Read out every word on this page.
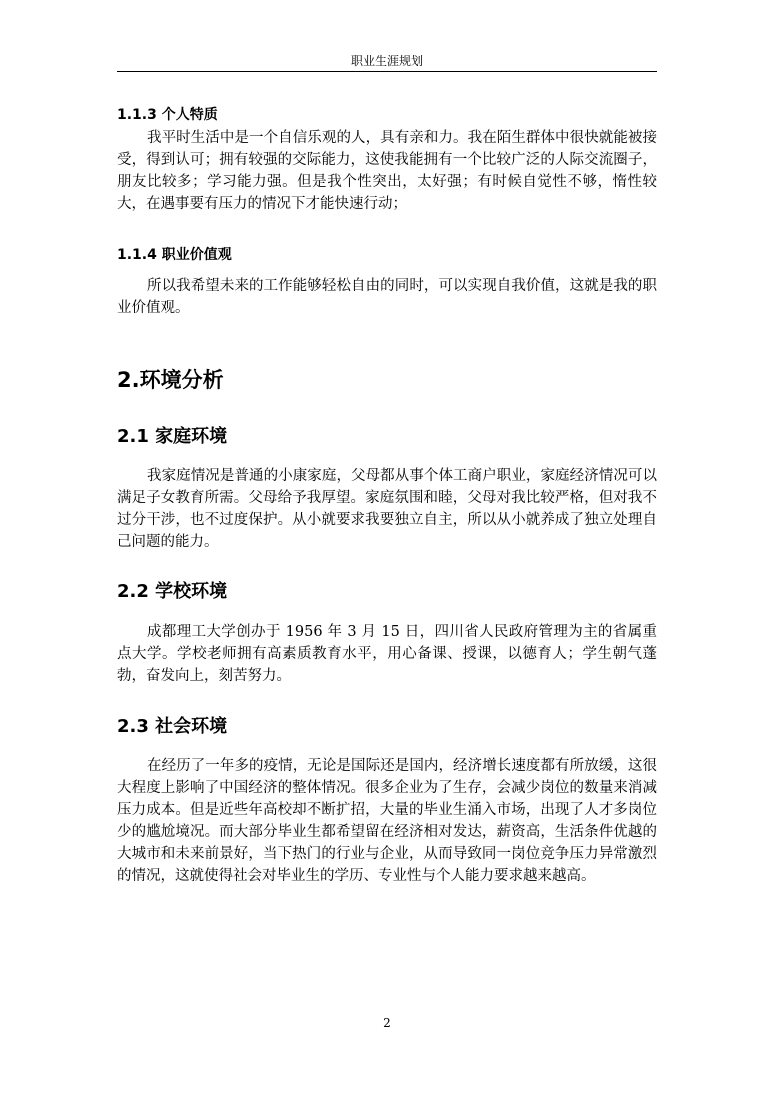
职业生涯规划
1.1.3 个人特质
我平时生活中是一个自信乐观的人，具有亲和力。我在陌生群体中很快就能被接受，得到认可；拥有较强的交际能力，这使我能拥有一个比较广泛的人际交流圈子，朋友比较多；学习能力强。但是我个性突出，太好强；有时候自觉性不够，惰性较大，在遇事要有压力的情况下才能快速行动；
1.1.4 职业价值观
所以我希望未来的工作能够轻松自由的同时，可以实现自我价值，这就是我的职业价值观。
2.环境分析
2.1 家庭环境
我家庭情况是普通的小康家庭，父母都从事个体工商户职业，家庭经济情况可以满足子女教育所需。父母给予我厚望。家庭氛围和睦，父母对我比较严格，但对我不过分干涉，也不过度保护。从小就要求我要独立自主，所以从小就养成了独立处理自己问题的能力。
2.2 学校环境
成都理工大学创办于 1956 年 3 月 15 日，四川省人民政府管理为主的省属重点大学。学校老师拥有高素质教育水平，用心备课、授课，以德育人；学生朝气蓬勃，奋发向上，刻苦努力。
2.3 社会环境
在经历了一年多的疫情，无论是国际还是国内，经济增长速度都有所放缓，这很大程度上影响了中国经济的整体情况。很多企业为了生存，会减少岗位的数量来消减压力成本。但是近些年高校却不断扩招，大量的毕业生涌入市场，出现了人才多岗位少的尴尬境况。而大部分毕业生都希望留在经济相对发达，薪资高，生活条件优越的大城市和未来前景好，当下热门的行业与企业，从而导致同一岗位竞争压力异常激烈的情况，这就使得社会对毕业生的学历、专业性与个人能力要求越来越高。
2
